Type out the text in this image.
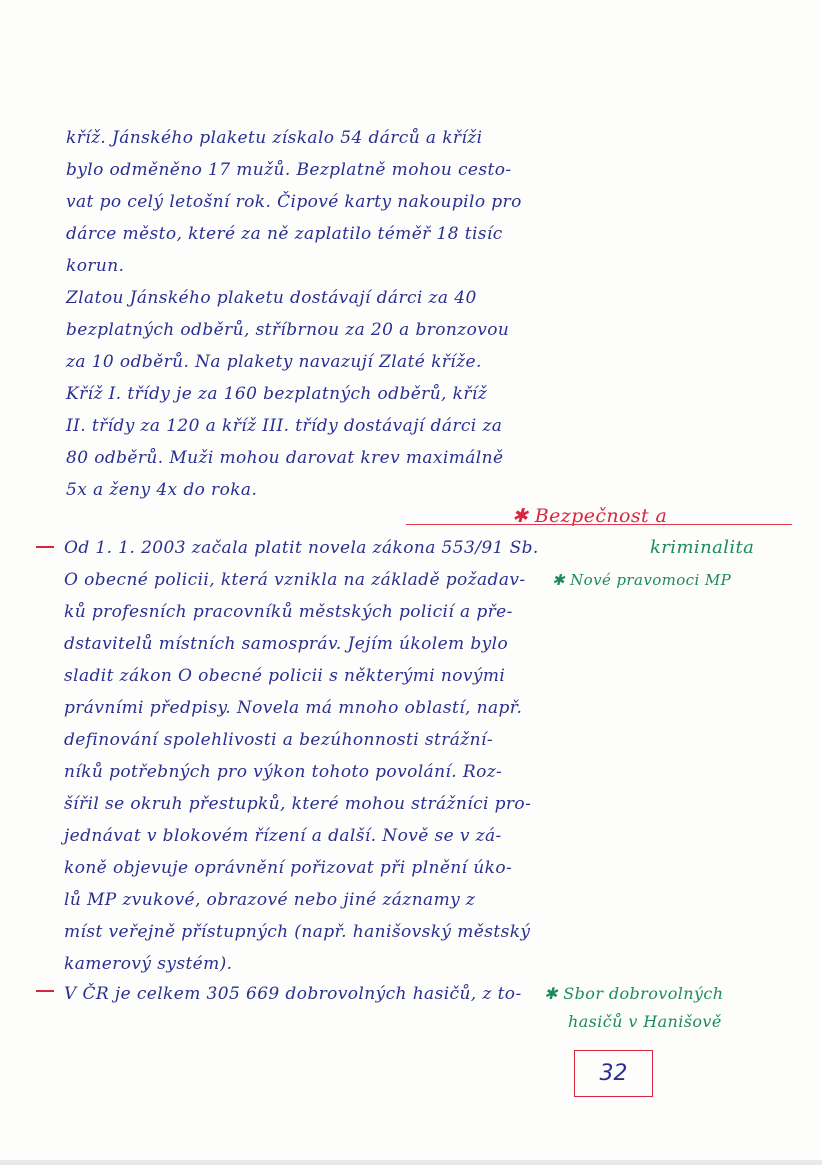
kříž. Jánského plaketu získalo 54 dárců a kříži
bylo odměněno 17 mužů. Bezplatně mohou cesto-
vat po celý letošní rok. Čipové karty nakoupilo pro
dárce město, které za ně zaplatilo téměř 18 tisíc
korun.
Zlatou Jánského plaketu dostávají dárci za 40
bezplatných odběrů, stříbrnou za 20 a bronzovou
za 10 odběrů. Na plakety navazují Zlaté kříže.
Kříž I. třídy je za 160 bezplatných odběrů, kříž
II. třídy za 120 a kříž III. třídy dostávají dárci za
80 odběrů. Muži mohou darovat krev maximálně
5x a ženy 4x do roka.
✱ Bezpečnost a
kriminalita
Od 1. 1. 2003 začala platit novela zákona 553/91 Sb.
O obecné policii, která vznikla na základě požadav-
ků profesních pracovníků městských policií a pře-
dstavitelů místních samospráv. Jejím úkolem bylo
sladit zákon O obecné policii s některými novými
právními předpisy. Novela má mnoho oblastí, např.
definování spolehlivosti a bezúhonnosti strážní-
níků potřebných pro výkon tohoto povolání. Roz-
šířil se okruh přestupků, které mohou strážníci pro-
jednávat v blokovém řízení a další. Nově se v zá-
koně objevuje oprávnění pořizovat při plnění úko-
lů MP zvukové, obrazové nebo jiné záznamy z
míst veřejně přístupných (např. hanišovský městský
kamerový systém).
V ČR je celkem 305 669 dobrovolných hasičů, z to-
✱ Nové pravomoci MP
✱ Sbor dobrovolných
hasičů v Hanišově
32
